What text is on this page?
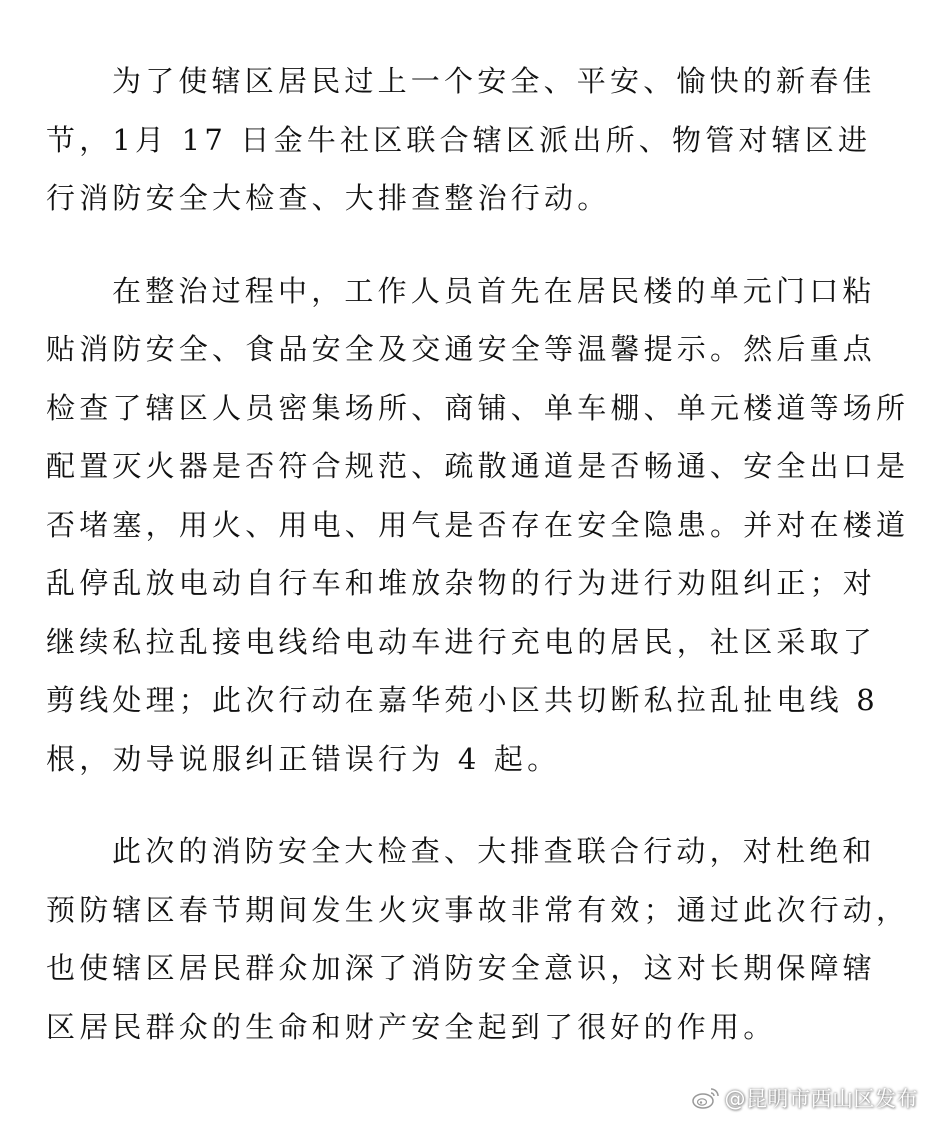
为了使辖区居民过上一个安全、平安、愉快的新春佳
节，1月 17 日金牛社区联合辖区派出所、物管对辖区进
行消防安全大检查、大排查整治行动。

在整治过程中，工作人员首先在居民楼的单元门口粘
贴消防安全、食品安全及交通安全等温馨提示。然后重点
检查了辖区人员密集场所、商铺、单车棚、单元楼道等场所
配置灭火器是否符合规范、疏散通道是否畅通、安全出口是
否堵塞，用火、用电、用气是否存在安全隐患。并对在楼道
乱停乱放电动自行车和堆放杂物的行为进行劝阻纠正；对
继续私拉乱接电线给电动车进行充电的居民，社区采取了
剪线处理；此次行动在嘉华苑小区共切断私拉乱扯电线 8
根，劝导说服纠正错误行为 4 起。

此次的消防安全大检查、大排查联合行动，对杜绝和
预防辖区春节期间发生火灾事故非常有效；通过此次行动，
也使辖区居民群众加深了消防安全意识，这对长期保障辖
区居民群众的生命和财产安全起到了很好的作用。

@昆明市西山区发布
